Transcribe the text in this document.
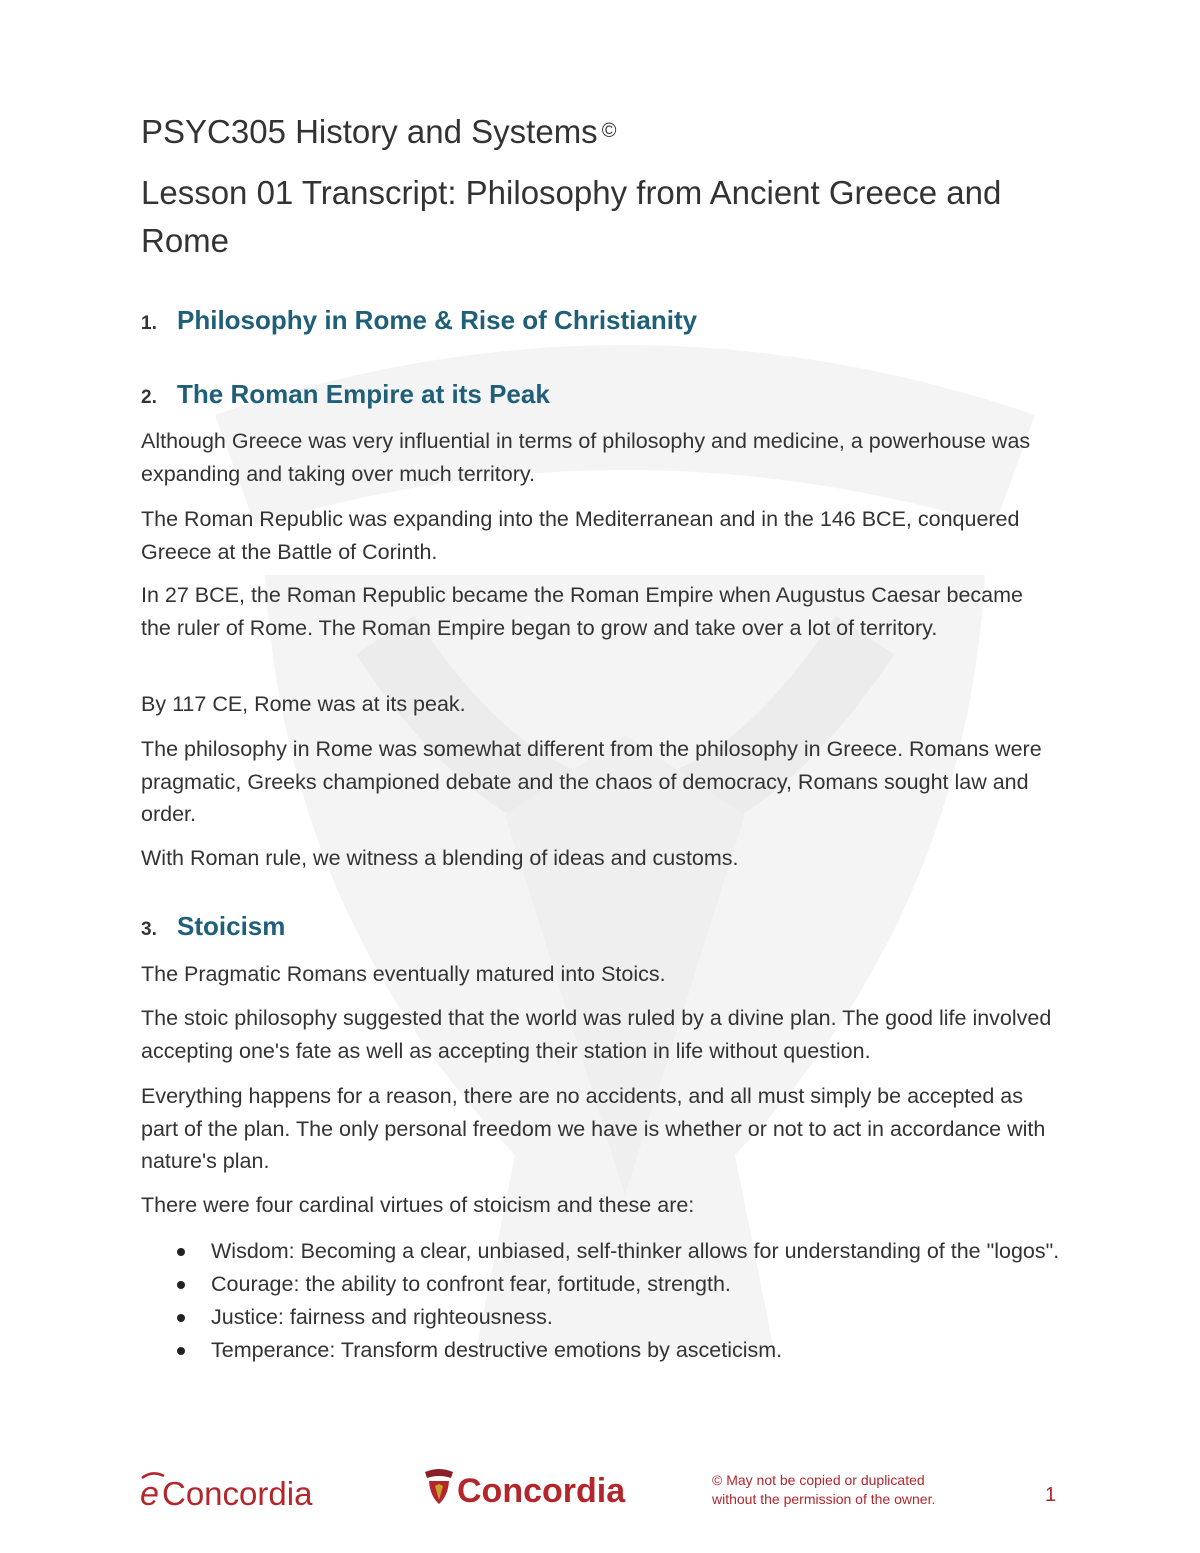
PSYC305 History and Systems ©
Lesson 01 Transcript: Philosophy from Ancient Greece and Rome
1. Philosophy in Rome & Rise of Christianity
2. The Roman Empire at its Peak

Although Greece was very influential in terms of philosophy and medicine, a powerhouse was expanding and taking over much territory.

The Roman Republic was expanding into the Mediterranean and in the 146 BCE, conquered Greece at the Battle of Corinth.

In 27 BCE, the Roman Republic became the Roman Empire when Augustus Caesar became the ruler of Rome. The Roman Empire began to grow and take over a lot of territory.

By 117 CE, Rome was at its peak.

The philosophy in Rome was somewhat different from the philosophy in Greece. Romans were pragmatic, Greeks championed debate and the chaos of democracy, Romans sought law and order.

With Roman rule, we witness a blending of ideas and customs.

3. Stoicism

The Pragmatic Romans eventually matured into Stoics.

The stoic philosophy suggested that the world was ruled by a divine plan. The good life involved accepting one's fate as well as accepting their station in life without question.

Everything happens for a reason, there are no accidents, and all must simply be accepted as part of the plan. The only personal freedom we have is whether or not to act in accordance with nature's plan.

There were four cardinal virtues of stoicism and these are:

Wisdom: Becoming a clear, unbiased, self-thinker allows for understanding of the "logos".
Courage: the ability to confront fear, fortitude, strength.
Justice: fairness and righteousness.
Temperance: Transform destructive emotions by asceticism.
e Concordia	Concordia	© May not be copied or duplicated
without the permission of the owner.	1
